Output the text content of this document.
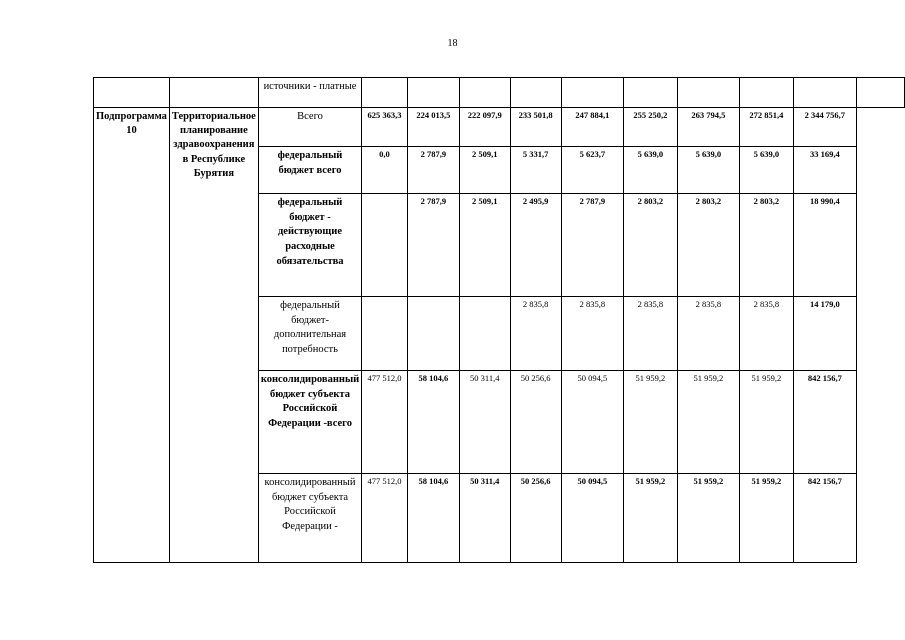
18
		источники - платные										
Подпрограмма 10	Территориальное планирование здравоохранения в Республике Бурятия	Всего	625 363,3	224 013,5	222 097,9	233 501,8	247 884,1	255 250,2	263 794,5	272 851,4	2 344 756,7	
		федеральный бюджет всего	0,0	2 787,9	2 509,1	5 331,7	5 623,7	5 639,0	5 639,0	5 639,0	33 169,4	
		федеральный бюджет - действующие расходные обязательства		2 787,9	2 509,1	2 495,9	2 787,9	2 803,2	2 803,2	2 803,2	18 990,4	
		федеральный бюджет-дополнительная потребность				2 835,8	2 835,8	2 835,8	2 835,8	2 835,8	14 179,0	
		консолидированный бюджет субъекта Российской Федерации -всего	477 512,0	58 104,6	50 311,4	50 256,6	50 094,5	51 959,2	51 959,2	51 959,2	842 156,7	
		консолидированный бюджет субъекта Российской Федерации -	477 512,0	58 104,6	50 311,4	50 256,6	50 094,5	51 959,2	51 959,2	51 959,2	842 156,7	
